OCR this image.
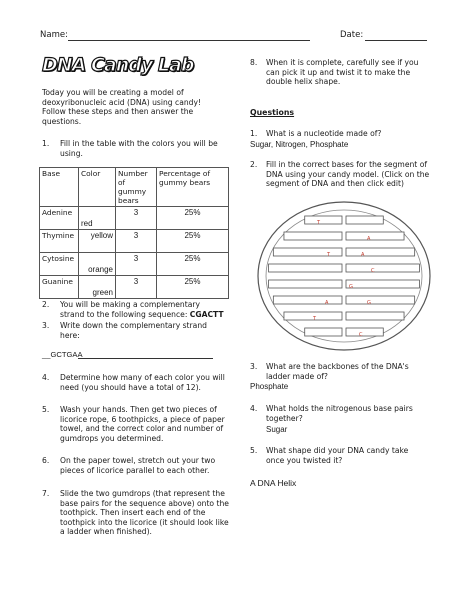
Name:	Date:
DNA Candy Lab
Today you will be creating a model of deoxyribonucleic acid (DNA) using candy! Follow these steps and then answer the questions.
1. Fill in the table with the colors you will be using.
Base	Color	Number of gummy bears	Percentage of gummy bears
Adenine	red	3	25%
Thymine	yellow	3	25%
Cytosine	orange	3	25%
Guanine	green	3	25%
2. You will be making a complementary strand to the following sequence: CGACTT
3. Write down the complementary strand here:
__GCTGAA
4. Determine how many of each color you will need (you should have a total of 12).
5. Wash your hands. Then get two pieces of licorice rope, 6 toothpicks, a piece of paper towel, and the correct color and number of gumdrops you determined.
6. On the paper towel, stretch out your two pieces of licorice parallel to each other.
7. Slide the two gumdrops (that represent the base pairs for the sequence above) onto the toothpick. Then insert each end of the toothpick into the licorice (it should look like a ladder when finished).
8. When it is complete, carefully see if you can pick it up and twist it to make the double helix shape.
Questions
1. What is a nucleotide made of?
Sugar, Nitrogen, Phosphate
2. Fill in the correct bases for the segment of DNA using your candy model. (Click on the segment of DNA and then click edit)
T
A
T	A
C
G
A	G
T
C
3. What are the backbones of the DNA's ladder made of?
Phosphate
4. What holds the nitrogenous base pairs together?
Sugar
5. What shape did your DNA candy take once you twisted it?
A DNA Helix
